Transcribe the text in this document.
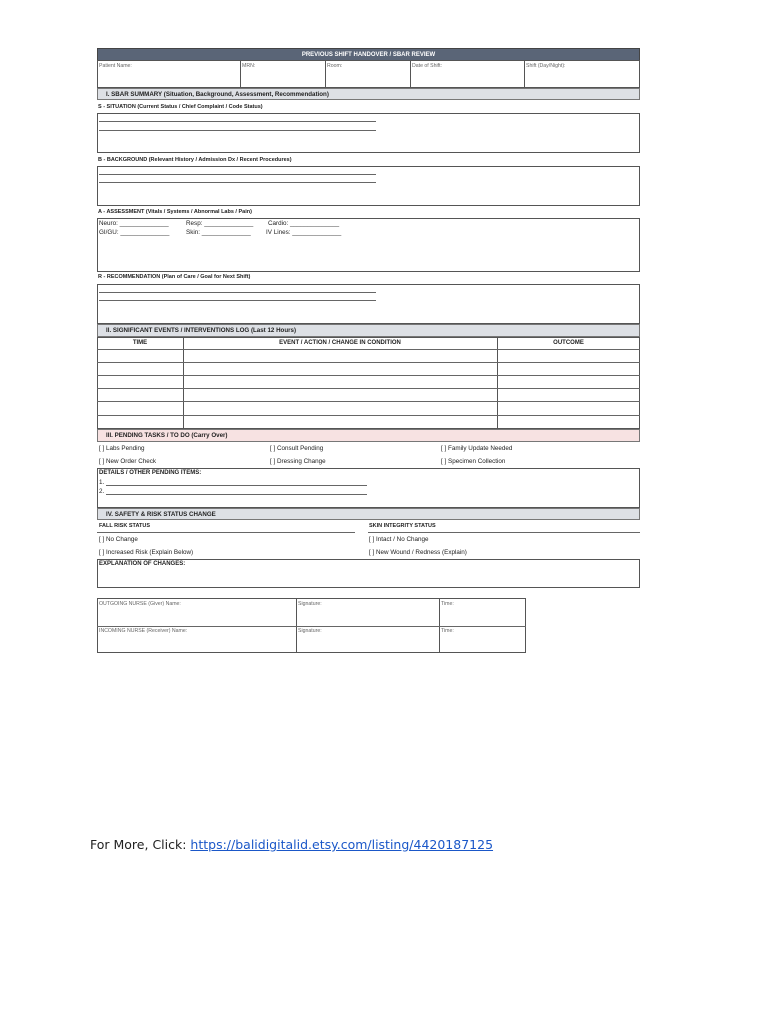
PREVIOUS SHIFT HANDOVER / SBAR REVIEW
Patient Name:	MRN:	Room:	Date of Shift:	Shift (Day/Night):
I. SBAR SUMMARY (Situation, Background, Assessment, Recommendation)
S - SITUATION (Current Status / Chief Complaint / Code Status)
B - BACKGROUND (Relevant History / Admission Dx / Recent Procedures)
A - ASSESSMENT (Vitals / Systems / Abnormal Labs / Pain)
Neuro: ______________	Resp: ______________ Cardio: ______________
GI/GU: ______________	Skin: ______________ IV Lines: ______________
R - RECOMMENDATION (Plan of Care / Goal for Next Shift)
II. SIGNIFICANT EVENTS / INTERVENTIONS LOG (Last 12 Hours)
TIME	EVENT / ACTION / CHANGE IN CONDITION	OUTCOME
III. PENDING TASKS / TO DO (Carry Over)
[ ] Labs Pending	[ ] Consult Pending	[ ] Family Update Needed
[ ] New Order Check	[ ] Dressing Change	[ ] Specimen Collection
DETAILS / OTHER PENDING ITEMS:
1.
2.
IV. SAFETY & RISK STATUS CHANGE
FALL RISK STATUS	SKIN INTEGRITY STATUS
[ ] No Change
[ ] Increased Risk (Explain Below)
[ ] Intact / No Change
[ ] New Wound / Redness (Explain)
EXPLANATION OF CHANGES:
OUTGOING NURSE (Giver) Name:	Signature:	Time:
INCOMING NURSE (Receiver) Name:	Signature:	Time:
For More, Click: https://balidigitalid.etsy.com/listing/4420187125
